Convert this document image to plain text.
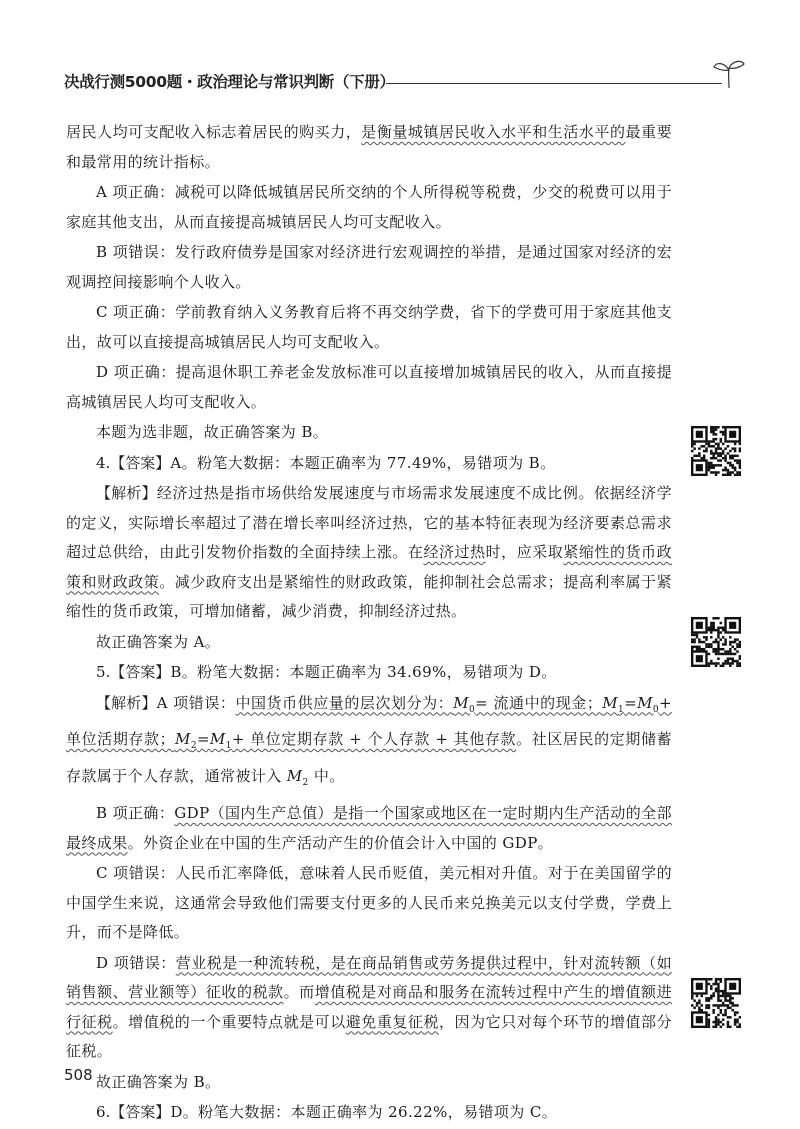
决战行测5000题・政治理论与常识判断（下册）

居民人均可支配收入标志着居民的购买力，是衡量城镇居民收入水平和生活水平的最重要和最常用的统计指标。

A 项正确：减税可以降低城镇居民所交纳的个人所得税等税费，少交的税费可以用于家庭其他支出，从而直接提高城镇居民人均可支配收入。

B 项错误：发行政府债券是国家对经济进行宏观调控的举措，是通过国家对经济的宏观调控间接影响个人收入。

C 项正确：学前教育纳入义务教育后将不再交纳学费，省下的学费可用于家庭其他支出，故可以直接提高城镇居民人均可支配收入。

D 项正确：提高退休职工养老金发放标准可以直接增加城镇居民的收入，从而直接提高城镇居民人均可支配收入。

本题为选非题，故正确答案为 B。

4.【答案】A。粉笔大数据：本题正确率为 77.49%，易错项为 B。

【解析】经济过热是指市场供给发展速度与市场需求发展速度不成比例。依据经济学的定义，实际增长率超过了潜在增长率叫经济过热，它的基本特征表现为经济要素总需求超过总供给，由此引发物价指数的全面持续上涨。在经济过热时，应采取紧缩性的货币政策和财政政策。减少政府支出是紧缩性的财政政策，能抑制社会总需求；提高利率属于紧缩性的货币政策，可增加储蓄，减少消费，抑制经济过热。

故正确答案为 A。

5.【答案】B。粉笔大数据：本题正确率为 34.69%，易错项为 D。

【解析】A 项错误：中国货币供应量的层次划分为：$M_0=$ 流通中的现金；$M_1=M_0+$ 单位活期存款；$M_2=M_1+$ 单位定期存款 + 个人存款 + 其他存款。社区居民的定期储蓄存款属于个人存款，通常被计入 $M_2$ 中。

B 项正确：GDP（国内生产总值）是指一个国家或地区在一定时期内生产活动的全部最终成果。外资企业在中国的生产活动产生的价值会计入中国的 GDP。

C 项错误：人民币汇率降低，意味着人民币贬值，美元相对升值。对于在美国留学的中国学生来说，这通常会导致他们需要支付更多的人民币来兑换美元以支付学费，学费上升，而不是降低。

D 项错误：营业税是一种流转税，是在商品销售或劳务提供过程中，针对流转额（如销售额、营业额等）征收的税款。而增值税是对商品和服务在流转过程中产生的增值额进行征税。增值税的一个重要特点就是可以避免重复征税，因为它只对每个环节的增值部分征税。

故正确答案为 B。

6.【答案】D。粉笔大数据：本题正确率为 26.22%，易错项为 C。

508
